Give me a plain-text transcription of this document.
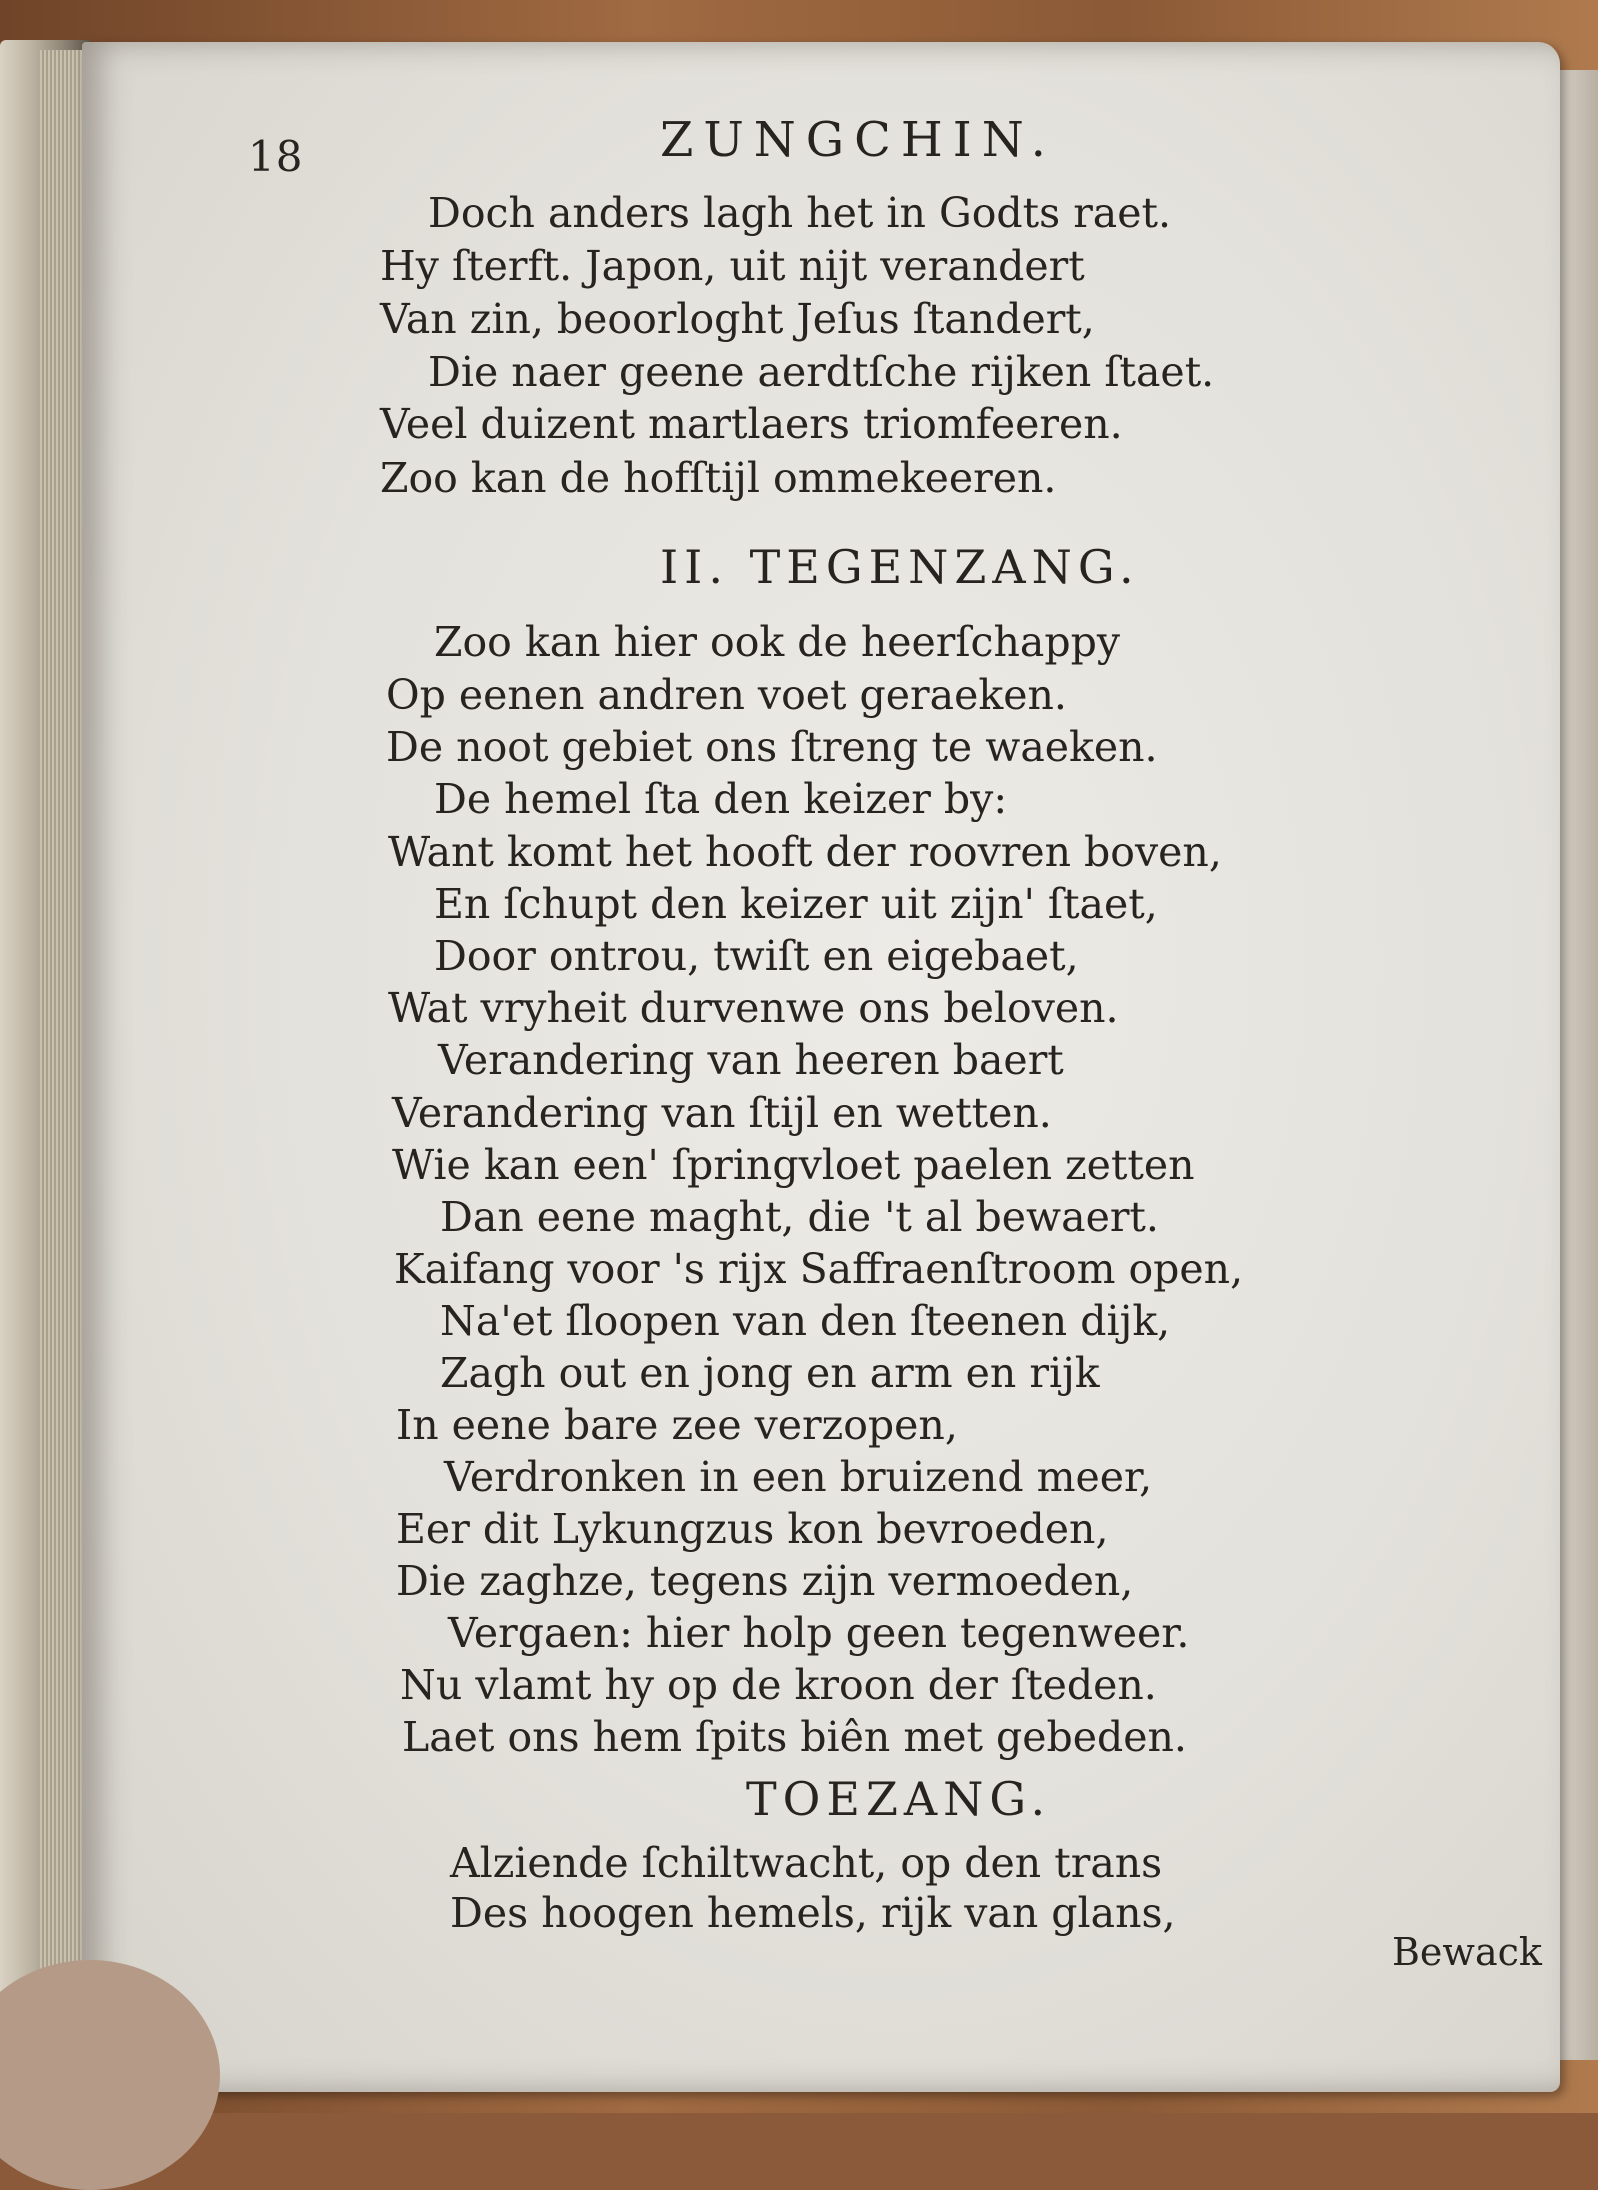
18	ZUNGCHIN.
Doch anders lagh het in Godts raet.
Hy ſterft. Japon, uit nijt verandert
Van zin, beoorloght Jeſus ſtandert,
Die naer geene aerdtſche rijken ſtaet.
Veel duizent martlaers triomfeeren.
Zoo kan de hofſtijl ommekeeren.
II. TEGENZANG.
Zoo kan hier ook de heerſchappy
Op eenen andren voet geraeken.
De noot gebiet ons ſtreng te waeken.
De hemel ſta den keizer by:
Want komt het hooft der roovren boven,
En ſchupt den keizer uit zijn' ſtaet,
Door ontrou, twiſt en eigebaet,
Wat vryheit durvenwe ons beloven.
Verandering van heeren baert
Verandering van ſtijl en wetten.
Wie kan een' ſpringvloet paelen zetten
Dan eene maght, die 't al bewaert.
Kaifang voor 's rijx Saffraenſtroom open,
Na'et ſloopen van den ſteenen dijk,
Zagh out en jong en arm en rijk
In eene bare zee verzopen,
Verdronken in een bruizend meer,
Eer dit Lykungzus kon bevroeden,
Die zaghze, tegens zijn vermoeden,
Vergaen: hier holp geen tegenweer.
Nu vlamt hy op de kroon der ſteden.
Laet ons hem ſpits biên met gebeden.
TOEZANG.
Alziende ſchiltwacht, op den trans
Des hoogen hemels, rijk van glans,
Bewack
